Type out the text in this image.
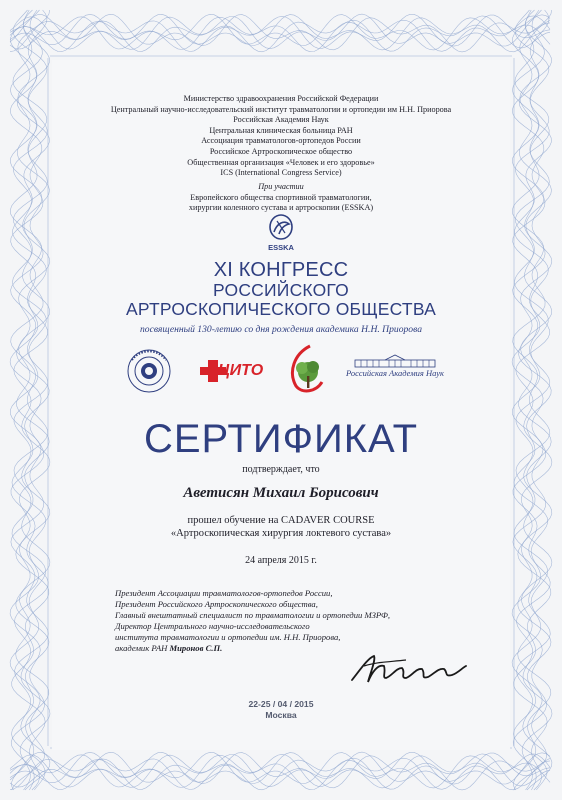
Министерство здравоохранения Российской Федерации
Центральный научно-исследовательский институт травматологии и ортопедии им Н.Н. Приорова
Российская Академия Наук
Центральная клиническая больница РАН
Ассоциация травматологов-ортопедов России
Российское Артроскопическое общество
Общественная организация «Человек и его здоровье»
ICS (International Congress Service)
При участии
Европейского общества спортивной травматологии,
хирургии коленного сустава и артроскопии (ESSKA)
ESSKA
XI КОНГРЕСС
РОССИЙСКОГО
АРТРОСКОПИЧЕСКОГО ОБЩЕСТВА
посвященный 130-летию со дня рождения академика Н.Н. Приорова
ЦИТО	Российская Академия Наук
СЕРТИФИКАТ
подтверждает, что
Аветисян Михаил Борисович
прошел обучение на CADAVER COURSE
«Артроскопическая хирургия локтевого сустава»
24 апреля 2015 г.
Президент Ассоциации травматологов-ортопедов России,
Президент Российского Артроскопического общества,
Главный внештатный специалист по травматологии и ортопедии МЗРФ,
Директор Центрального научно-исследовательского
института травматологии и ортопедии им. Н.Н. Приорова,
академик РАН Миронов С.П.
22-25 / 04 / 2015
Москва
